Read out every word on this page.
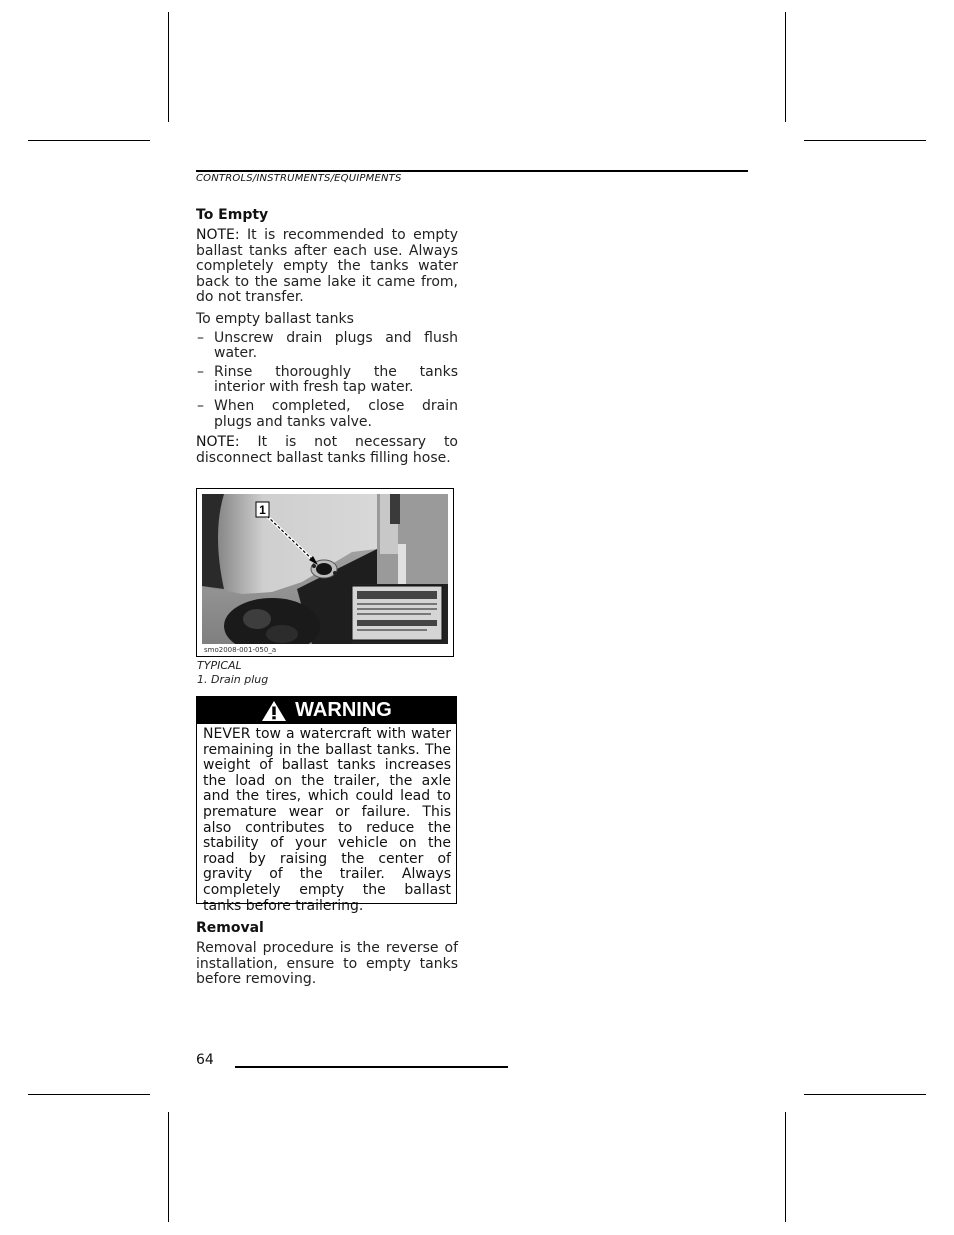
CONTROLS/INSTRUMENTS/EQUIPMENTS
To Empty

NOTE: It is recommended to empty ballast tanks after each use. Always completely empty the tanks water back to the same lake it came from, do not transfer.

To empty ballast tanks

– Unscrew drain plugs and flush water.
– Rinse thoroughly the tanks interior with fresh tap water.
– When completed, close drain plugs and tanks valve.

NOTE: It is not necessary to disconnect ballast tanks filling hose.

1
smo2008-001-050_a
TYPICAL
1. Drain plug
WARNING

NEVER tow a watercraft with water remaining in the ballast tanks. The weight of ballast tanks increases the load on the trailer, the axle and the tires, which could lead to premature wear or failure. This also contributes to reduce the stability of your vehicle on the road by raising the center of gravity of the trailer. Always completely empty the ballast tanks before trailering.

Removal

Removal procedure is the reverse of installation, ensure to empty tanks before removing.

64
